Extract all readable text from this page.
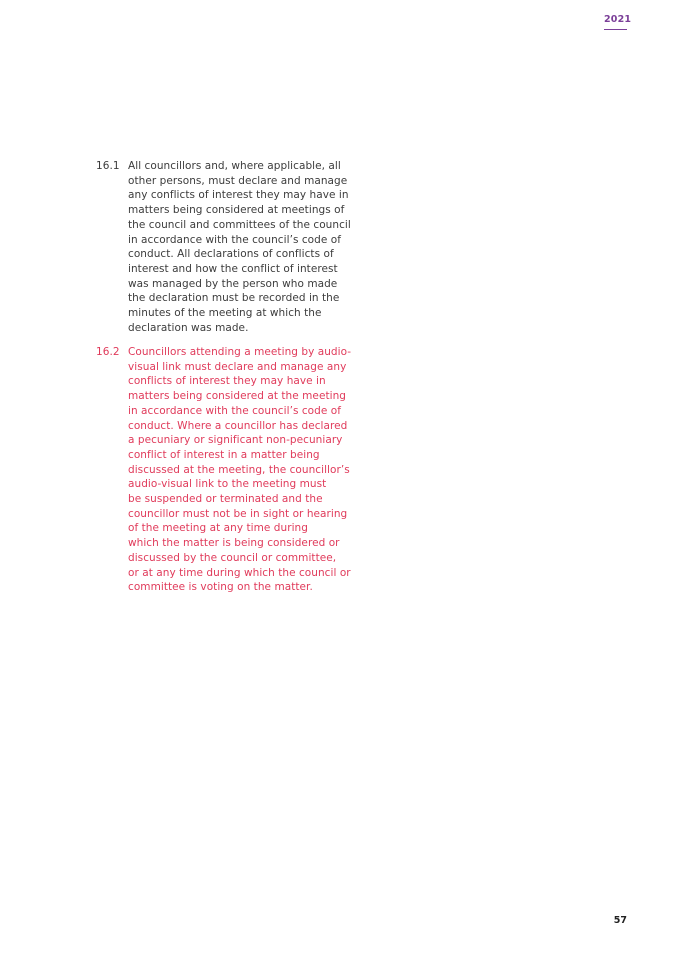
2021
16.1 All councillors and, where applicable, all
other persons, must declare and manage
any conflicts of interest they may have in
matters being considered at meetings of
the council and committees of the council
in accordance with the council’s code of
conduct. All declarations of conflicts of
interest and how the conflict of interest
was managed by the person who made
the declaration must be recorded in the
minutes of the meeting at which the
declaration was made.
16.2 Councillors attending a meeting by audio-
visual link must declare and manage any
conflicts of interest they may have in
matters being considered at the meeting
in accordance with the council’s code of
conduct. Where a councillor has declared
a pecuniary or significant non-pecuniary
conflict of interest in a matter being
discussed at the meeting, the councillor’s
audio-visual link to the meeting must
be suspended or terminated and the
councillor must not be in sight or hearing
of the meeting at any time during
which the matter is being considered or
discussed by the council or committee,
or at any time during which the council or
committee is voting on the matter.
57
